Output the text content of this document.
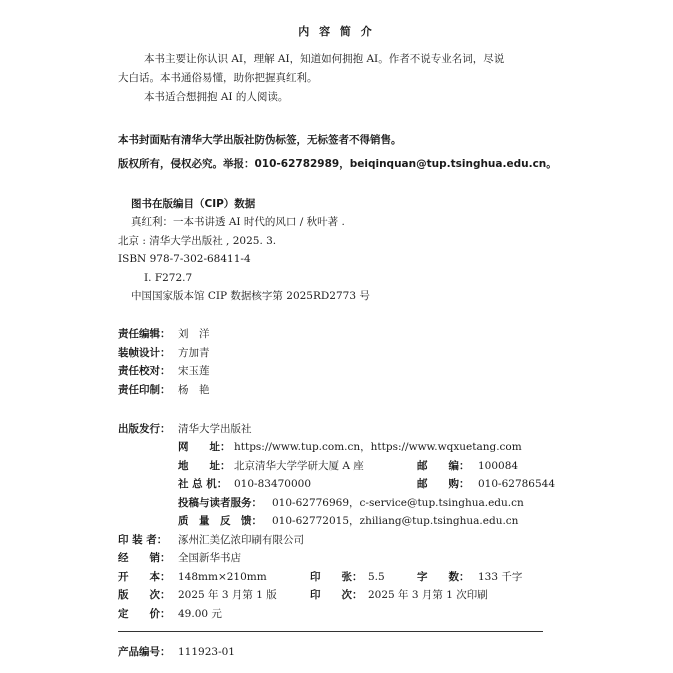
内 容 简 介
本书主要让你认识 AI，理解 AI，知道如何拥抱 AI。作者不说专业名词，尽说
大白话。本书通俗易懂，助你把握真红利。
本书适合想拥抱 AI 的人阅读。
本书封面贴有清华大学出版社防伪标签，无标签者不得销售。
版权所有，侵权必究。举报：010-62782989，beiqinquan@tup.tsinghua.edu.cn。
图书在版编目（CIP）数据
真红利：一本书讲透 AI 时代的风口 / 秋叶著 .
北京 : 清华大学出版社 , 2025. 3.
ISBN 978-7-302-68411-4
Ⅰ. F272.7
中国国家版本馆 CIP 数据核字第 2025RD2773 号
责任编辑： 刘　洋
装帧设计： 方加青
责任校对： 宋玉莲
责任印制： 杨　艳
出版发行： 清华大学出版社
网　　址： https://www.tup.com.cn，https://www.wqxuetang.com
地　　址： 北京清华大学学研大厦 A 座	邮　　编： 100084
社 总 机： 010-83470000	邮　　购： 010-62786544
投稿与读者服务： 010-62776969，c-service@tup.tsinghua.edu.cn
质　量　反　馈： 010-62772015，zhiliang@tup.tsinghua.edu.cn
印 装 者： 涿州汇美亿浓印刷有限公司
经　　销： 全国新华书店
开　　本： 148mm×210mm	印　　张： 5.5	字　　数： 133 千字
版　　次： 2025 年 3 月第 1 版	印　　次： 2025 年 3 月第 1 次印刷
定　　价： 49.00 元
产品编号： 111923-01
